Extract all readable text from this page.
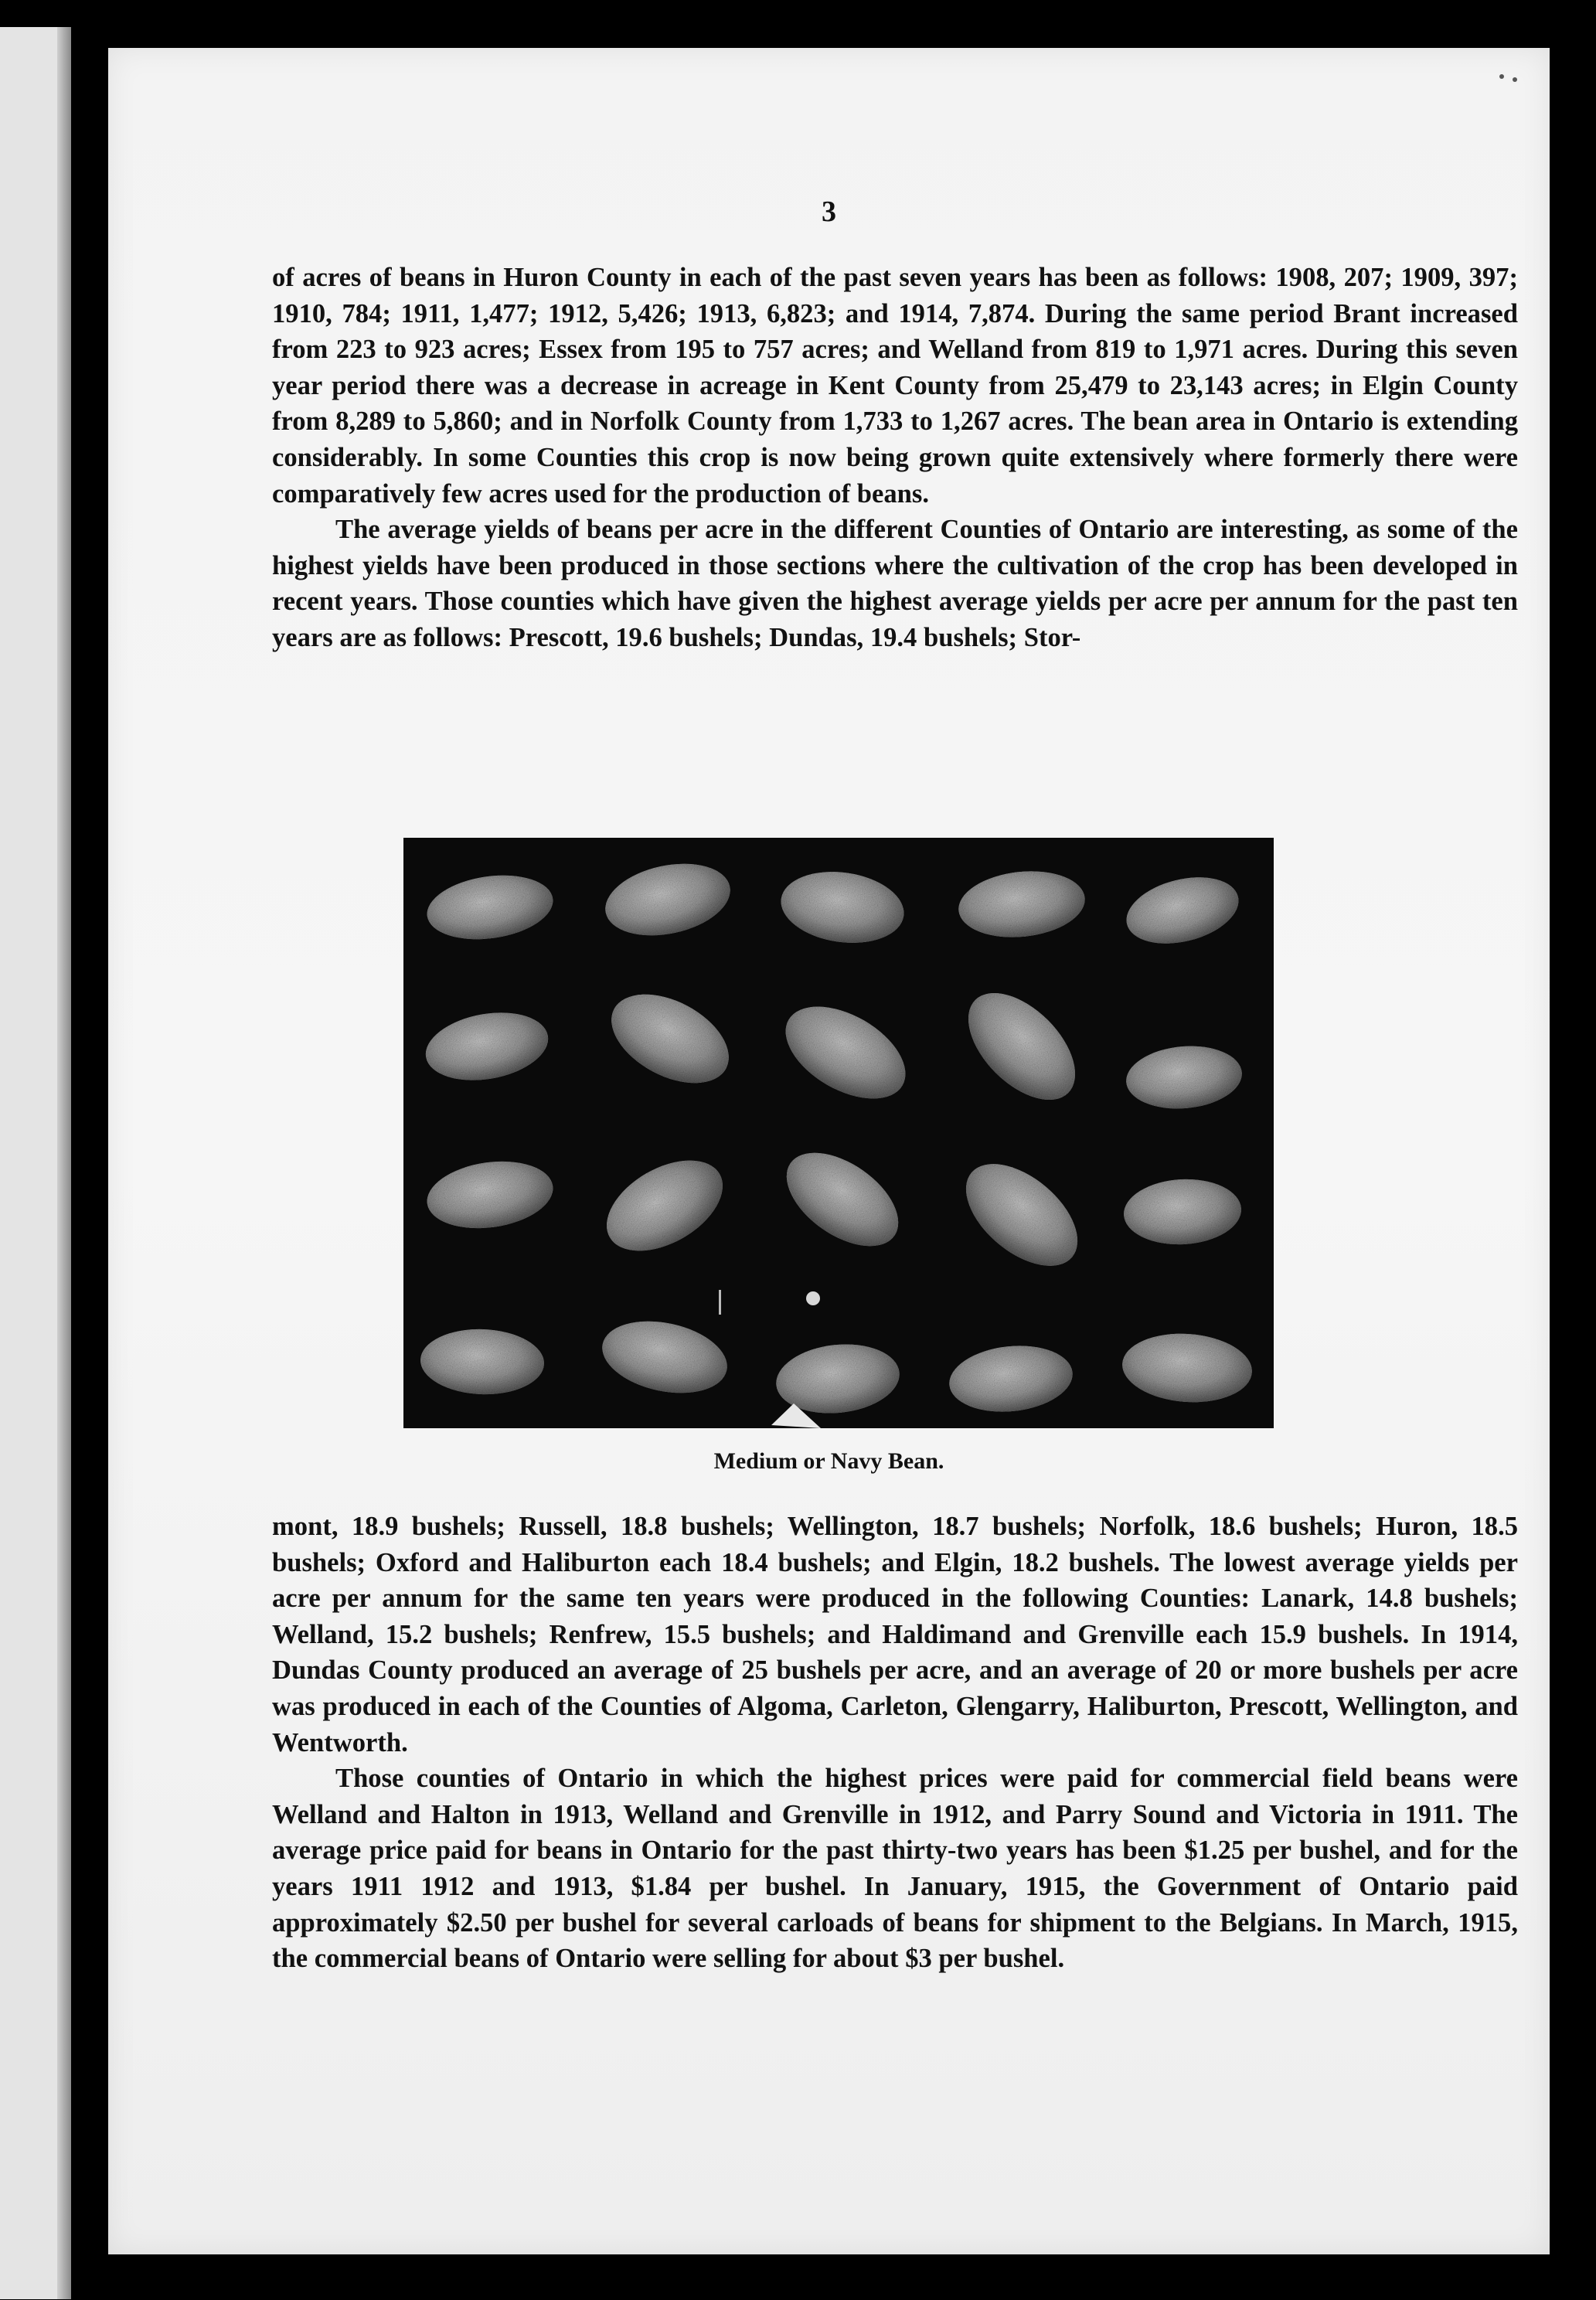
3

of acres of beans in Huron County in each of the past seven years has been as follows: 1908, 207; 1909, 397; 1910, 784; 1911, 1,477; 1912, 5,426; 1913, 6,823; and 1914, 7,874. During the same period Brant increased from 223 to 923 acres; Essex from 195 to 757 acres; and Welland from 819 to 1,971 acres. During this seven year period there was a decrease in acreage in Kent County from 25,479 to 23,143 acres; in Elgin County from 8,289 to 5,860; and in Norfolk County from 1,733 to 1,267 acres. The bean area in Ontario is extending considerably. In some Counties this crop is now being grown quite extensively where formerly there were comparatively few acres used for the production of beans.

The average yields of beans per acre in the different Counties of Ontario are interesting, as some of the highest yields have been produced in those sections where the cultivation of the crop has been developed in recent years. Those counties which have given the highest average yields per acre per annum for the past ten years are as follows: Prescott, 19.6 bushels; Dundas, 19.4 bushels; Stor-

Medium or Navy Bean.

mont, 18.9 bushels; Russell, 18.8 bushels; Wellington, 18.7 bushels; Norfolk, 18.6 bushels; Huron, 18.5 bushels; Oxford and Haliburton each 18.4 bushels; and Elgin, 18.2 bushels. The lowest average yields per acre per annum for the same ten years were produced in the following Counties: Lanark, 14.8 bushels; Welland, 15.2 bushels; Renfrew, 15.5 bushels; and Haldimand and Grenville each 15.9 bushels. In 1914, Dundas County produced an average of 25 bushels per acre, and an average of 20 or more bushels per acre was produced in each of the Counties of Algoma, Carleton, Glengarry, Haliburton, Prescott, Wellington, and Wentworth.

Those counties of Ontario in which the highest prices were paid for commercial field beans were Welland and Halton in 1913, Welland and Grenville in 1912, and Parry Sound and Victoria in 1911. The average price paid for beans in Ontario for the past thirty-two years has been $1.25 per bushel, and for the years 1911 1912 and 1913, $1.84 per bushel. In January, 1915, the Government of Ontario paid approximately $2.50 per bushel for several carloads of beans for shipment to the Belgians. In March, 1915, the commercial beans of Ontario were selling for about $3 per bushel.
